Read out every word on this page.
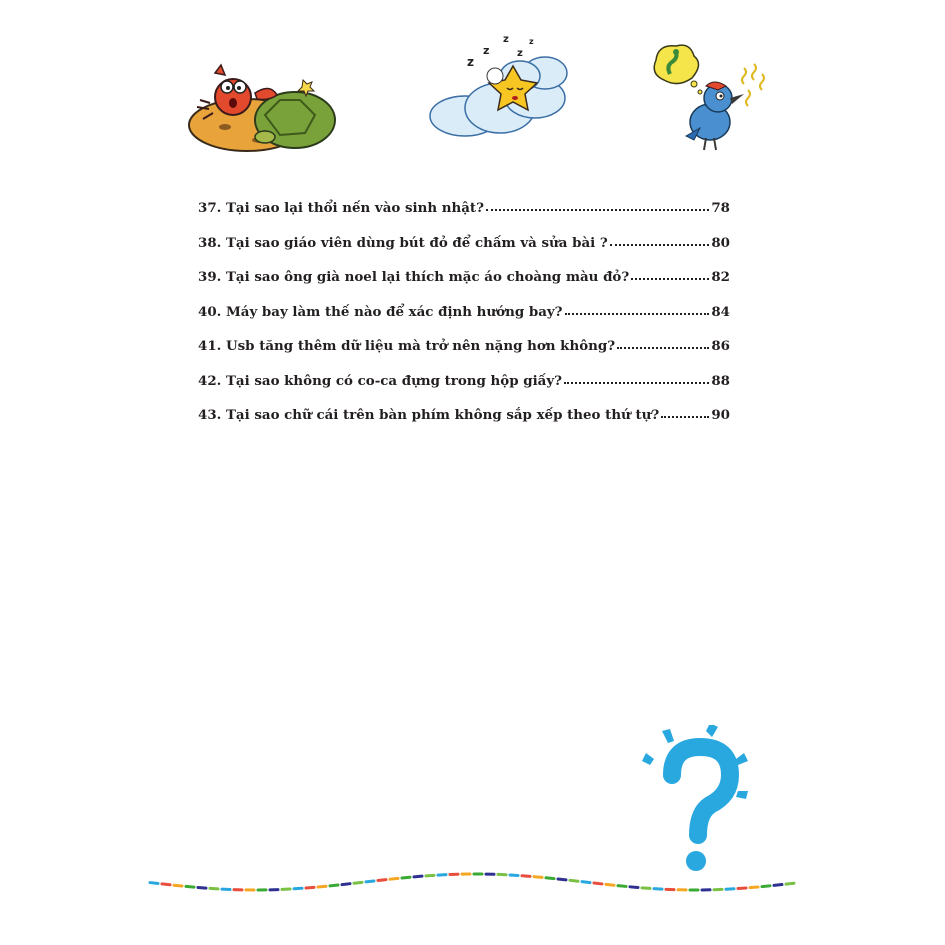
z
z
z
z
z
37. Tại sao lại thổi nến vào sinh nhật?	78
38. Tại sao giáo viên dùng bút đỏ để chấm và sửa bài ?	80
39. Tại sao ông già noel lại thích mặc áo choàng màu đỏ?	82
40. Máy bay làm thế nào để xác định hướng bay?	84
41. Usb tăng thêm dữ liệu mà trở nên nặng hơn không?	86
42. Tại sao không có co-ca đựng trong hộp giấy?	88
43. Tại sao chữ cái trên bàn phím không sắp xếp theo thứ tự?	90
